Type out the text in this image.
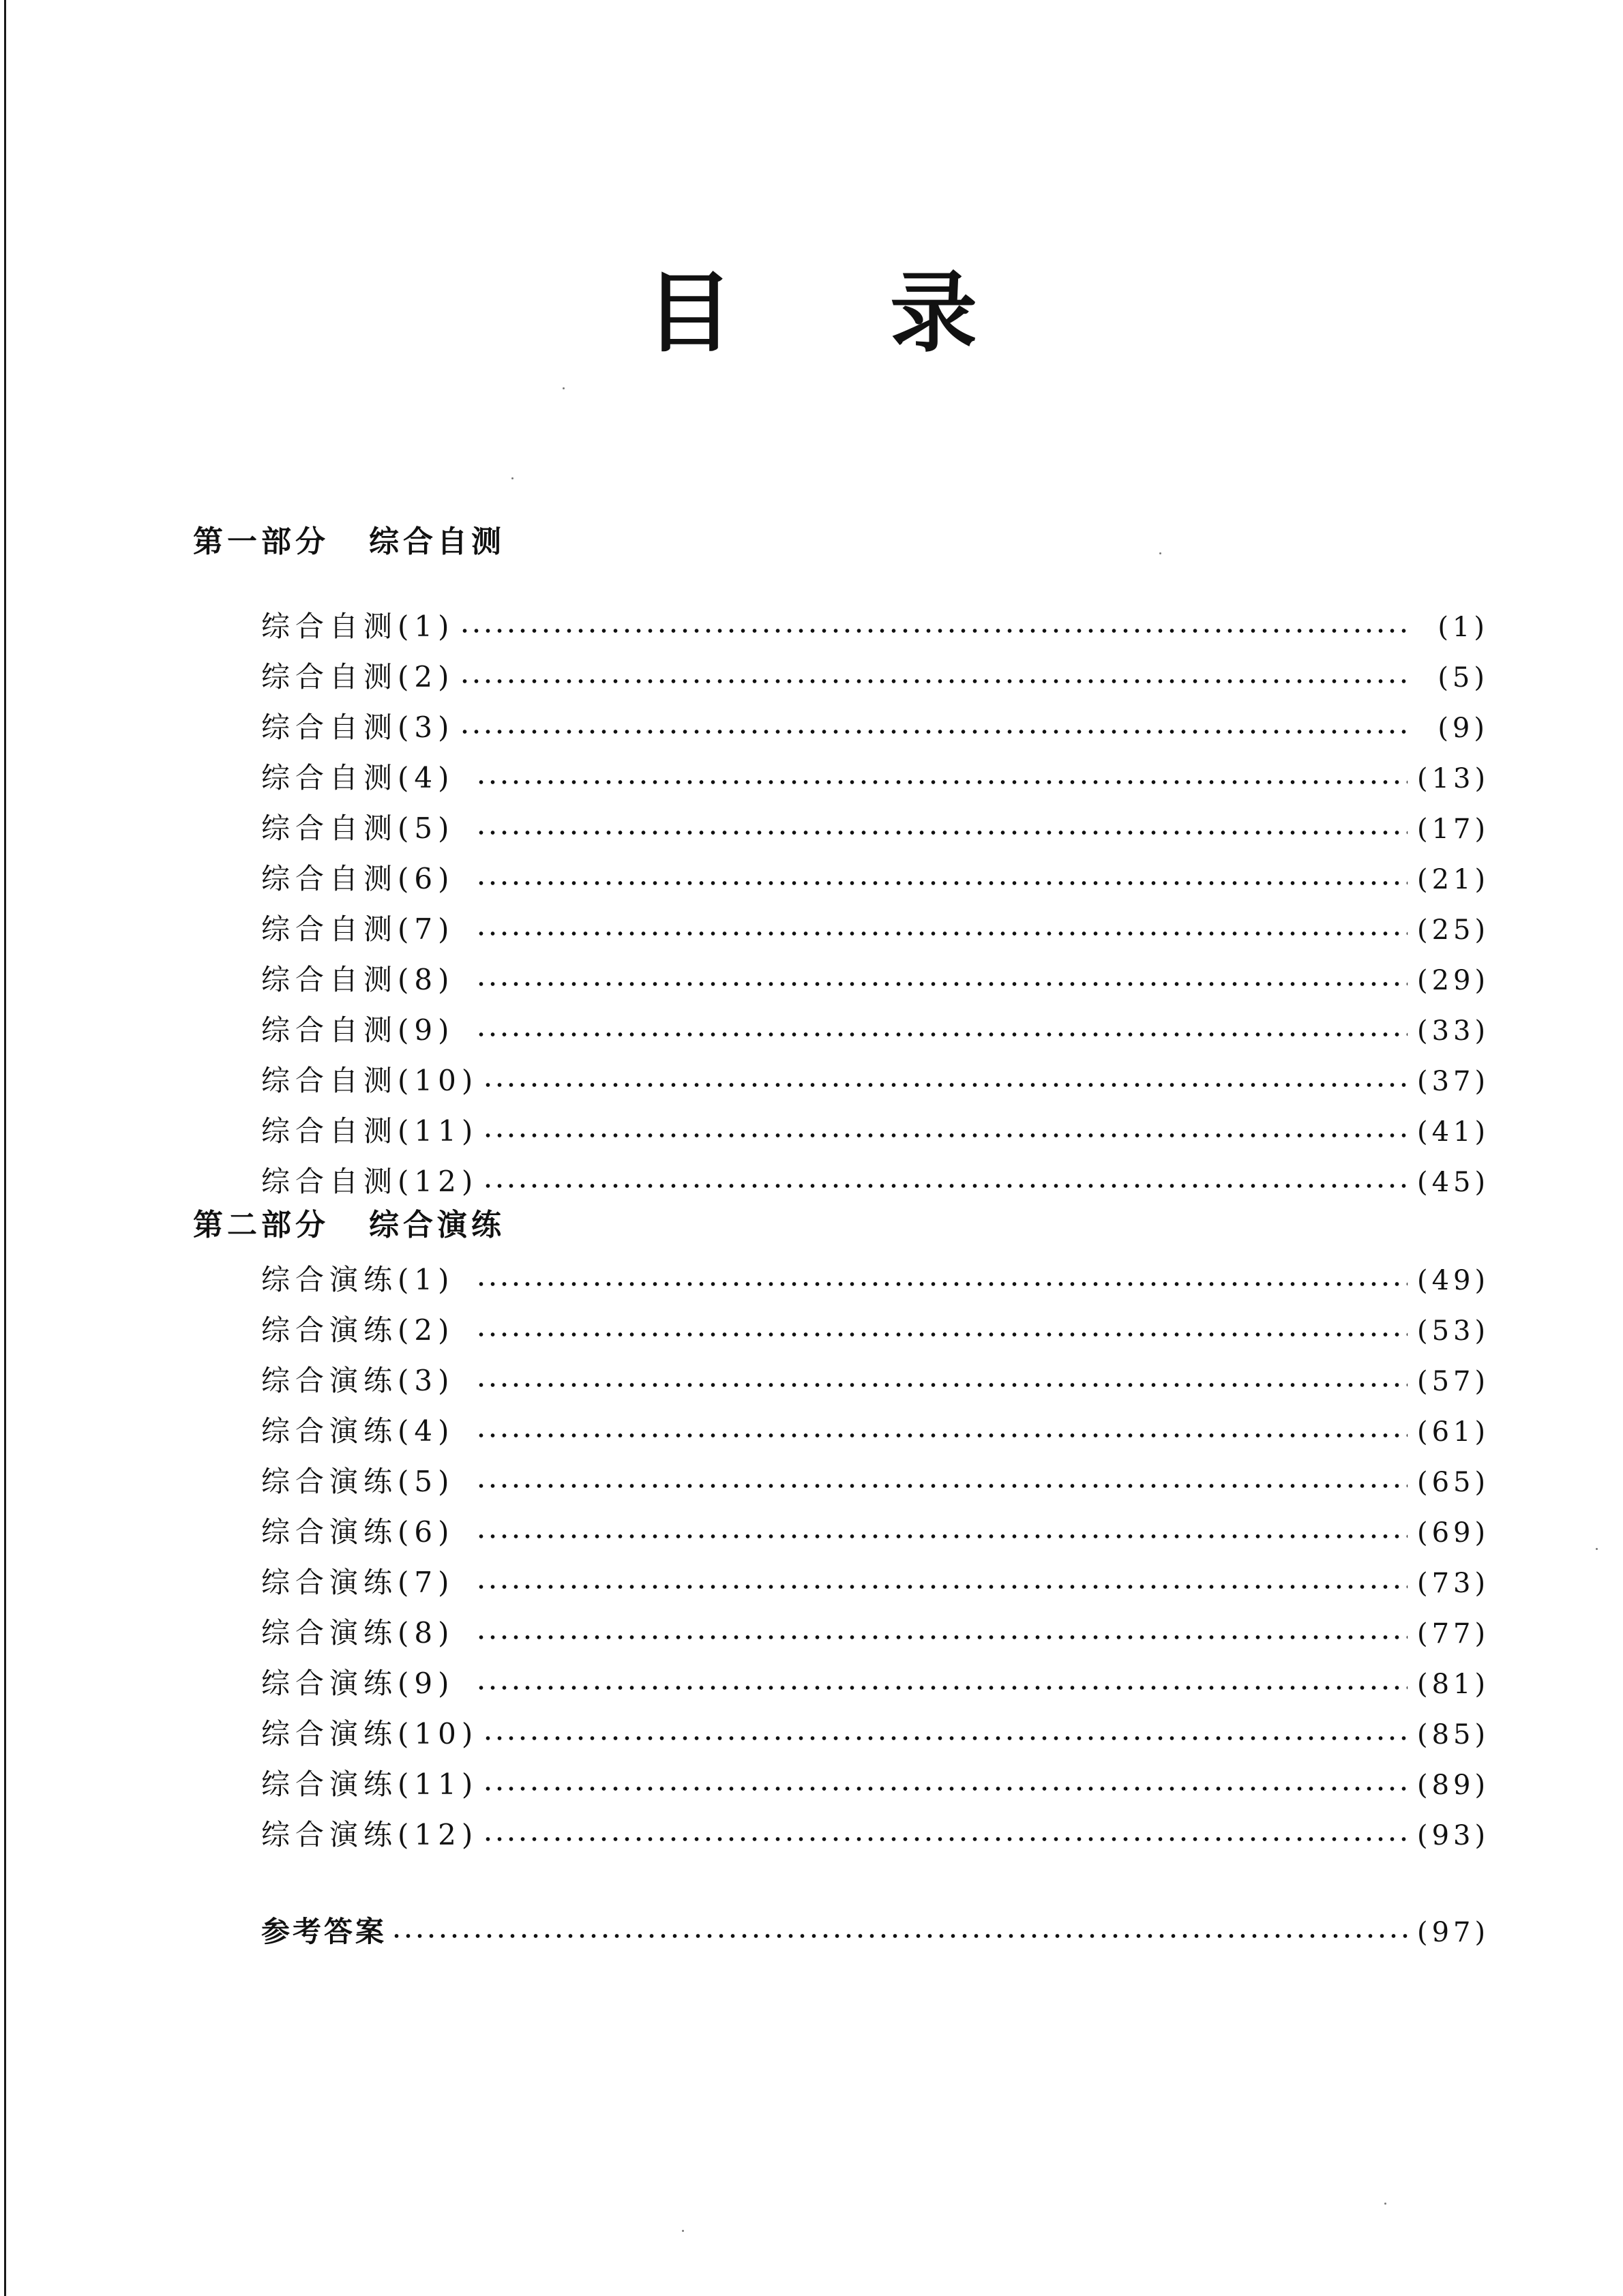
目 录
第一部分 综合自测
综合自测(1)	(1)
综合自测(2)	(5)
综合自测(3)	(9)
综合自测(4)	(13)
综合自测(5)	(17)
综合自测(6)	(21)
综合自测(7)	(25)
综合自测(8)	(29)
综合自测(9)	(33)
综合自测(10)	(37)
综合自测(11)	(41)
综合自测(12)	(45)
第二部分 综合演练
综合演练(1)	(49)
综合演练(2)	(53)
综合演练(3)	(57)
综合演练(4)	(61)
综合演练(5)	(65)
综合演练(6)	(69)
综合演练(7)	(73)
综合演练(8)	(77)
综合演练(9)	(81)
综合演练(10)	(85)
综合演练(11)	(89)
综合演练(12)	(93)
参考答案	(97)
